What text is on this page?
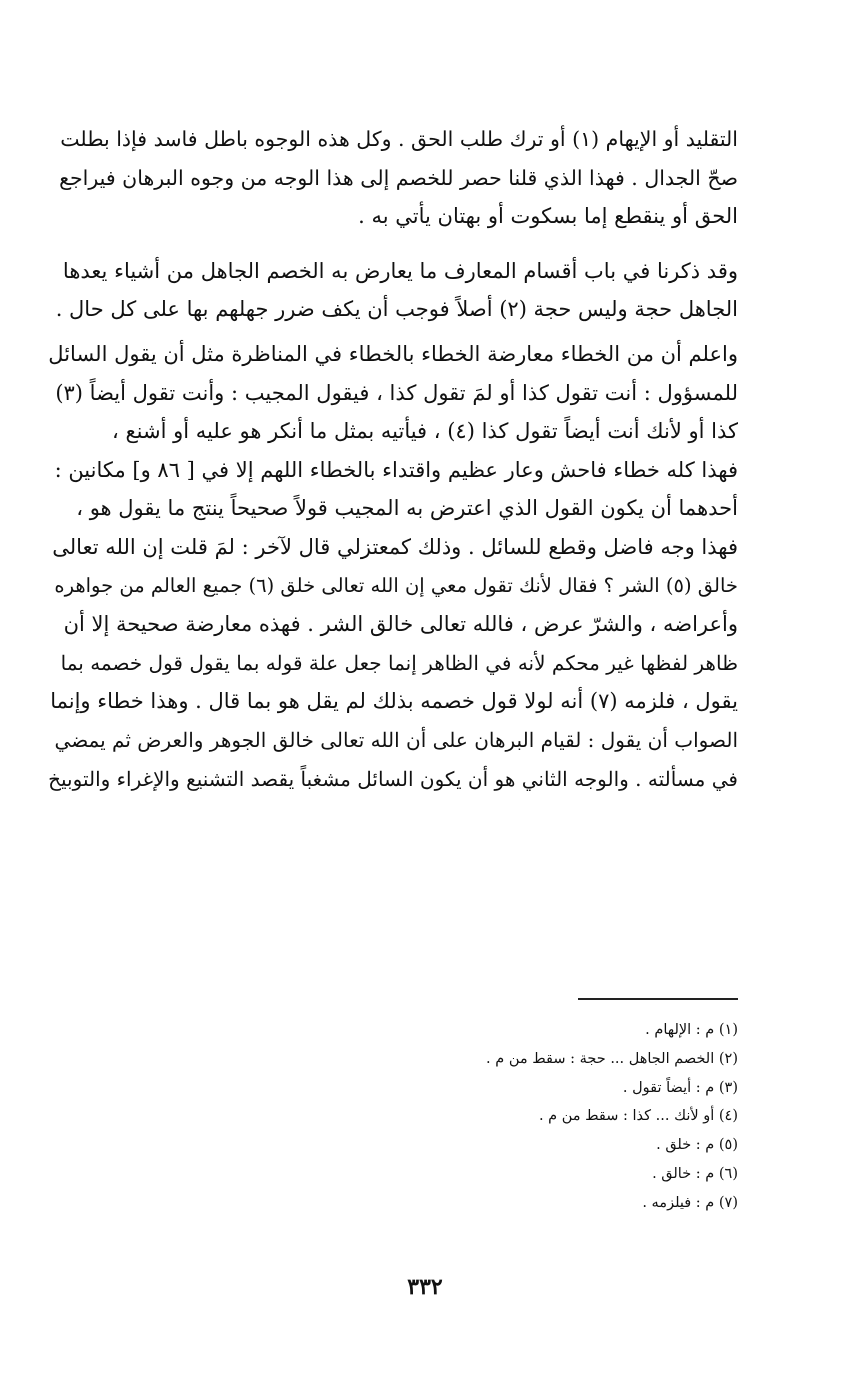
التقليد أو الإيهام (١) أو ترك طلب الحق . وكل هذه الوجوه باطل فاسد فإذا بطلت
صحّ الجدال . فهذا الذي قلنا حصر للخصم إلى هذا الوجه من وجوه البرهان فيراجع
الحق أو ينقطع إما بسكوت أو بهتان يأتي به .
وقد ذكرنا في باب أقسام المعارف ما يعارض به الخصم الجاهل من أشياء يعدها
الجاهل حجة وليس حجة (٢) أصلاً فوجب أن يكف ضرر جهلهم بها على كل حال .
واعلم أن من الخطاء معارضة الخطاء بالخطاء في المناظرة مثل أن يقول السائل
للمسؤول : أنت تقول كذا أو لمَ تقول كذا ، فيقول المجيب : وأنت تقول أيضاً (٣)
كذا أو لأنك أنت أيضاً تقول كذا (٤) ، فيأتيه بمثل ما أنكر هو عليه أو أشنع ،
فهذا كله خطاء فاحش وعار عظيم واقتداء بالخطاء اللهم إلا في [ ٨٦ و] مكانين :
أحدهما أن يكون القول الذي اعترض به المجيب قولاً صحيحاً ينتج ما يقول هو ،
فهذا وجه فاضل وقطع للسائل . وذلك كمعتزلي قال لآخر : لمَ قلت إن الله تعالى
خالق (٥) الشر ؟ فقال لأنك تقول معي إن الله تعالى خلق (٦) جميع العالم من جواهره
وأعراضه ، والشرّ عرض ، فالله تعالى خالق الشر . فهذه معارضة صحيحة إلا أن
ظاهر لفظها غير محكم لأنه في الظاهر إنما جعل علة قوله بما يقول قول خصمه بما
يقول ، فلزمه (٧) أنه لولا قول خصمه بذلك لم يقل هو بما قال . وهذا خطاء وإنما
الصواب أن يقول : لقيام البرهان على أن الله تعالى خالق الجوهر والعرض ثم يمضي
في مسألته . والوجه الثاني هو أن يكون السائل مشغباً يقصد التشنيع والإغراء والتوبيخ
(١) م : الإلهام .
(٢) الخصم الجاهل ... حجة : سقط من م .
(٣) م : أيضاً تقول .
(٤) أو لأنك ... كذا : سقط من م .
(٥) م : خلق .
(٦) م : خالق .
(٧) م : فيلزمه .
٣٣٢
